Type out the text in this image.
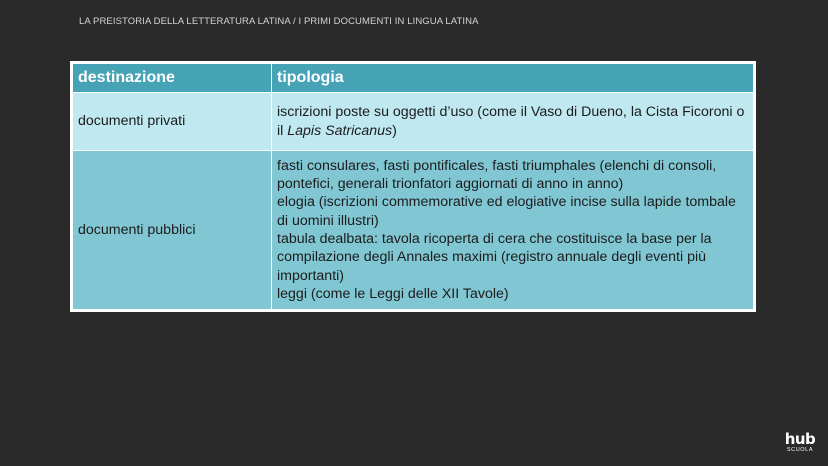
LA PREISTORIA DELLA LETTERATURA LATINA / I PRIMI DOCUMENTI IN LINGUA LATINA
destinazione	tipologia
documenti privati	iscrizioni poste su oggetti d’uso (come il Vaso di Dueno, la Cista Ficoroni o il Lapis Satricanus)
documenti pubblici	fasti consulares, fasti pontificales, fasti triumphales (elenchi di consoli, pontefici, generali trionfatori aggiornati di anno in anno)
elogia (iscrizioni commemorative ed elogiative incise sulla lapide tombale di uomini illustri)
tabula dealbata: tavola ricoperta di cera che costituisce la base per la compilazione degli Annales maximi (registro annuale degli eventi più importanti)
leggi (come le Leggi delle XII Tavole)
hub
SCUOLA
